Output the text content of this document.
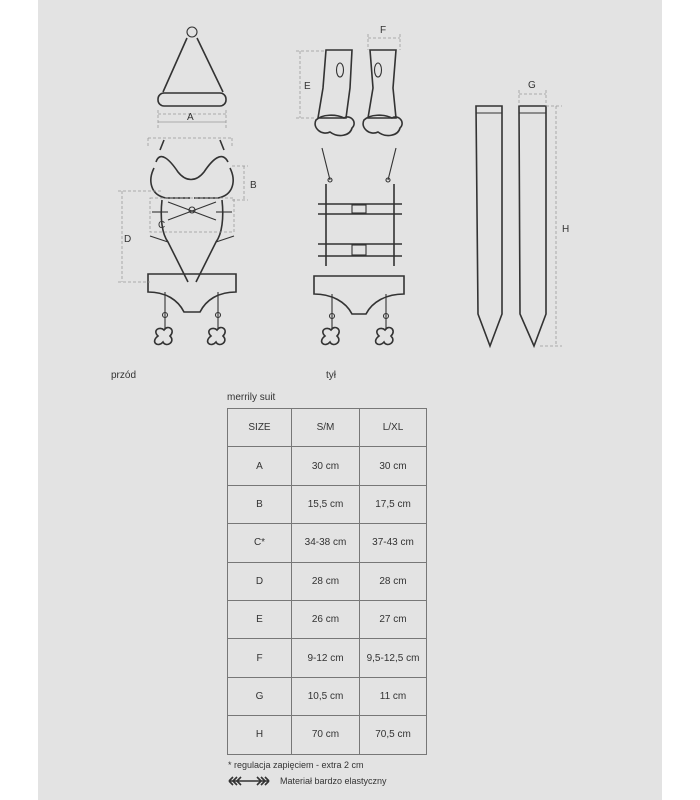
A
B
C
D
E
F
G
H
przód	tył
merrily suit
SIZE	S/M	L/XL
A	30 cm	30 cm
B	15,5 cm	17,5 cm
C*	34-38 cm	37-43 cm
D	28 cm	28 cm
E	26 cm	27 cm
F	9-12 cm	9,5-12,5 cm
G	10,5 cm	11 cm
H	70 cm	70,5 cm
* regulacja zapięciem - extra 2 cm
Materiał bardzo elastyczny
